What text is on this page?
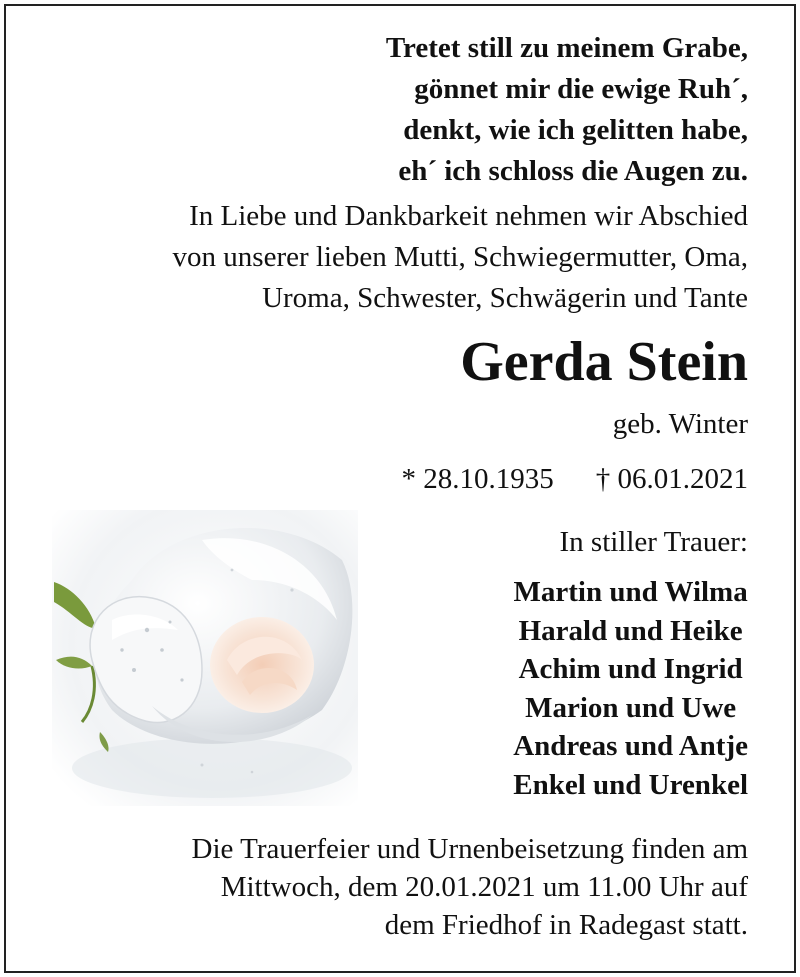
Tretet still zu meinem Grabe,
gönnet mir die ewige Ruh´,
denkt, wie ich gelitten habe,
eh´ ich schloss die Augen zu.
In Liebe und Dankbarkeit nehmen wir Abschied
von unserer lieben Mutti, Schwiegermutter, Oma,
Uroma, Schwester, Schwägerin und Tante
Gerda Stein
geb. Winter
* 28.10.1935 † 06.01.2021
In stiller Trauer:
Martin und Wilma
Harald und Heike
Achim und Ingrid
Marion und Uwe
Andreas und Antje
Enkel und Urenkel
Die Trauerfeier und Urnenbeisetzung finden am
Mittwoch, dem 20.01.2021 um 11.00 Uhr auf
dem Friedhof in Radegast statt.
